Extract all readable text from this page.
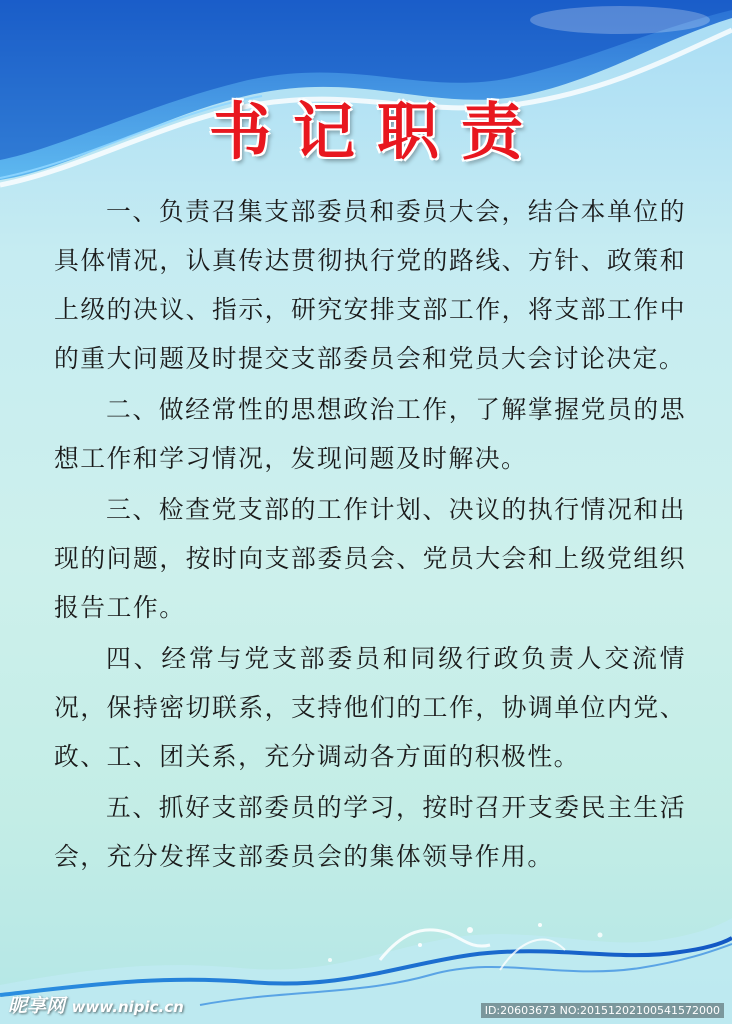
书记职责

一、负责召集支部委员和委员大会，结合本单位的具体情况，认真传达贯彻执行党的路线、方针、政策和上级的决议、指示，研究安排支部工作，将支部工作中的重大问题及时提交支部委员会和党员大会讨论决定。

二、做经常性的思想政治工作，了解掌握党员的思想工作和学习情况，发现问题及时解决。

三、检查党支部的工作计划、决议的执行情况和出现的问题，按时向支部委员会、党员大会和上级党组织报告工作。

四、经常与党支部委员和同级行政负责人交流情况，保持密切联系，支持他们的工作，协调单位内党、政、工、团关系，充分调动各方面的积极性。

五、抓好支部委员的学习，按时召开支委民主生活会，充分发挥支部委员会的集体领导作用。

昵享网 www.nipic.cn	ID:20603673 NO:20151202100541572000
